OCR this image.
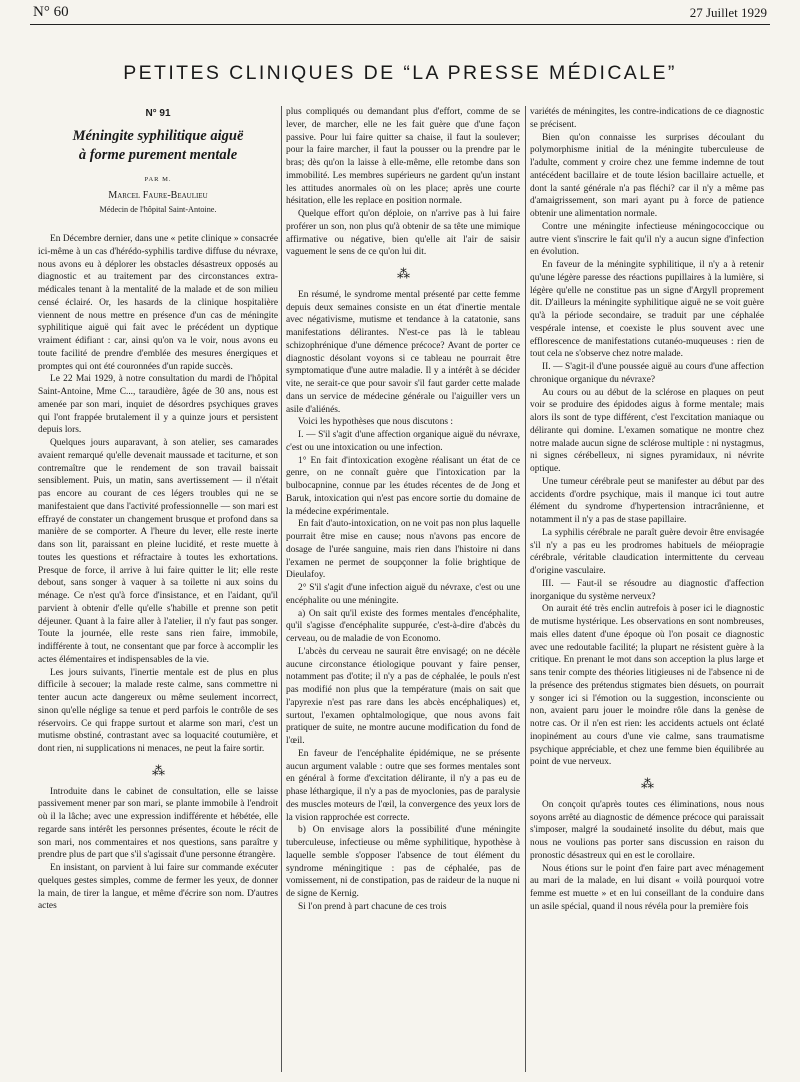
N° 60	27 Juillet 1929
PETITES CLINIQUES DE “LA PRESSE MÉDICALE”
N° 91
Méningite syphilitique aiguë
à forme purement mentale
PAR M.
Marcel Faure-Beaulieu
Médecin de l'hôpital Saint-Antoine.

En Décembre dernier, dans une « petite clinique » consacrée ici-même à un cas d'hérédo-syphilis tardive diffuse du névraxe, nous avons eu à déplorer les obstacles désastreux opposés au diagnostic et au traitement par des circonstances extra-médicales tenant à la mentalité de la malade et de son milieu censé éclairé. Or, les hasards de la clinique hospitalière viennent de nous mettre en présence d'un cas de méningite syphilitique aiguë qui fait avec le précédent un dyptique vraiment édifiant : car, ainsi qu'on va le voir, nous avons eu toute facilité de prendre d'emblée des mesures énergiques et promptes qui ont été couronnées d'un rapide succès.

Le 22 Mai 1929, à notre consultation du mardi de l'hôpital Saint-Antoine, Mme C..., taraudière, âgée de 30 ans, nous est amenée par son mari, inquiet de désordres psychiques graves qui l'ont frappée brutalement il y a quinze jours et persistent depuis lors.

Quelques jours auparavant, à son atelier, ses camarades avaient remarqué qu'elle devenait maussade et taciturne, et son contremaître que le rendement de son travail baissait sensiblement. Puis, un matin, sans avertissement — il n'était pas encore au courant de ces légers troubles qui ne se manifestaient que dans l'activité professionnelle — son mari est effrayé de constater un changement brusque et profond dans sa manière de se comporter. A l'heure du lever, elle reste inerte dans son lit, paraissant en pleine lucidité, et reste muette à toutes les questions et réfractaire à toutes les exhortations. Presque de force, il arrive à lui faire quitter le lit; elle reste debout, sans songer à vaquer à sa toilette ni aux soins du ménage. Ce n'est qu'à force d'insistance, et en l'aidant, qu'il parvient à obtenir d'elle qu'elle s'habille et prenne son petit déjeuner. Quant à la faire aller à l'atelier, il n'y faut pas songer. Toute la journée, elle reste sans rien faire, immobile, indifférente à tout, ne consentant que par force à accomplir les actes élémentaires et indispensables de la vie.

Les jours suivants, l'inertie mentale est de plus en plus difficile à secouer; la malade reste calme, sans commettre ni tenter aucun acte dangereux ou même seulement incorrect, sinon qu'elle néglige sa tenue et perd parfois le contrôle de ses réservoirs. Ce qui frappe surtout et alarme son mari, c'est un mutisme obstiné, contrastant avec sa loquacité coutumière, et dont rien, ni supplications ni menaces, ne peut la faire sortir.

⁂

Introduite dans le cabinet de consultation, elle se laisse passivement mener par son mari, se plante immobile à l'endroit où il la lâche; avec une expression indifférente et hébétée, elle regarde sans intérêt les personnes présentes, écoute le récit de son mari, nos commentaires et nos questions, sans paraître y prendre plus de part que s'il s'agissait d'une personne étrangère.

En insistant, on parvient à lui faire sur commande exécuter quelques gestes simples, comme de fermer les yeux, de donner la main, de tirer la langue, et même d'écrire son nom. D'autres actes

plus compliqués ou demandant plus d'effort, comme de se lever, de marcher, elle ne les fait guère que d'une façon passive. Pour lui faire quitter sa chaise, il faut la soulever; pour la faire marcher, il faut la pousser ou la prendre par le bras; dès qu'on la laisse à elle-même, elle retombe dans son immobilité. Les membres supérieurs ne gardent qu'un instant les attitudes anormales où on les place; après une courte hésitation, elle les replace en position normale.

Quelque effort qu'on déploie, on n'arrive pas à lui faire proférer un son, non plus qu'à obtenir de sa tête une mimique affirmative ou négative, bien qu'elle ait l'air de saisir vaguement le sens de ce qu'on lui dit.

⁂

En résumé, le syndrome mental présenté par cette femme depuis deux semaines consiste en un état d'inertie mentale avec négativisme, mutisme et tendance à la catatonie, sans manifestations délirantes. N'est-ce pas là le tableau schizophrénique d'une démence précoce? Avant de porter ce diagnostic désolant voyons si ce tableau ne pourrait être symptomatique d'une autre maladie. Il y a intérêt à se décider vite, ne serait-ce que pour savoir s'il faut garder cette malade dans un service de médecine générale ou l'aiguiller vers un asile d'aliénés.

Voici les hypothèses que nous discutons :

I. — S'il s'agit d'une affection organique aiguë du névraxe, c'est ou une intoxication ou une infection.

1° En fait d'intoxication exogène réalisant un état de ce genre, on ne connaît guère que l'intoxication par la bulbocapnine, connue par les études récentes de de Jong et Baruk, intoxication qui n'est pas encore sortie du domaine de la médecine expérimentale.

En fait d'auto-intoxication, on ne voit pas non plus laquelle pourrait être mise en cause; nous n'avons pas encore de dosage de l'urée sanguine, mais rien dans l'histoire ni dans l'examen ne permet de soupçonner la folie brightique de Dieulafoy.

2° S'il s'agit d'une infection aiguë du névraxe, c'est ou une encéphalite ou une méningite.

a) On sait qu'il existe des formes mentales d'encéphalite, qu'il s'agisse d'encéphalite suppurée, c'est-à-dire d'abcès du cerveau, ou de maladie de von Economo.

L'abcès du cerveau ne saurait être envisagé; on ne décèle aucune circonstance étiologique pouvant y faire penser, notamment pas d'otite; il n'y a pas de céphalée, le pouls n'est pas modifié non plus que la température (mais on sait que l'apyrexie n'est pas rare dans les abcès encéphaliques) et, surtout, l'examen ophtalmologique, que nous avons fait pratiquer de suite, ne montre aucune modification du fond de l'œil.

En faveur de l'encéphalite épidémique, ne se présente aucun argument valable : outre que ses formes mentales sont en général à forme d'excitation délirante, il n'y a pas eu de phase léthargique, il n'y a pas de myoclonies, pas de paralysie des muscles moteurs de l'œil, la convergence des yeux lors de la vision rapprochée est correcte.

b) On envisage alors la possibilité d'une méningite tuberculeuse, infectieuse ou même syphilitique, hypothèse à laquelle semble s'opposer l'absence de tout élément du syndrome méningitique : pas de céphalée, pas de vomissement, ni de constipation, pas de raideur de la nuque ni de signe de Kernig.

Si l'on prend à part chacune de ces trois

variétés de méningites, les contre-indications de ce diagnostic se précisent.

Bien qu'on connaisse les surprises découlant du polymorphisme initial de la méningite tuberculeuse de l'adulte, comment y croire chez une femme indemne de tout antécédent bacillaire et de toute lésion bacillaire actuelle, et dont la santé générale n'a pas fléchi? car il n'y a même pas d'amaigrissement, son mari ayant pu à force de patience obtenir une alimentation normale.

Contre une méningite infectieuse méningococcique ou autre vient s'inscrire le fait qu'il n'y a aucun signe d'infection en évolution.

En faveur de la méningite syphilitique, il n'y a à retenir qu'une légère paresse des réactions pupillaires à la lumière, si légère qu'elle ne constitue pas un signe d'Argyll proprement dit. D'ailleurs la méningite syphilitique aiguë ne se voit guère qu'à la période secondaire, se traduit par une céphalée vespérale intense, et coexiste le plus souvent avec une efflorescence de manifestations cutanéo-muqueuses : rien de tout cela ne s'observe chez notre malade.

II. — S'agit-il d'une poussée aiguë au cours d'une affection chronique organique du névraxe?

Au cours ou au début de la sclérose en plaques on peut voir se produire des épidodes aigus à forme mentale; mais alors ils sont de type différent, c'est l'excitation maniaque ou délirante qui domine. L'examen somatique ne montre chez notre malade aucun signe de sclérose multiple : ni nystagmus, ni signes cérébelleux, ni signes pyramidaux, ni névrite optique.

Une tumeur cérébrale peut se manifester au début par des accidents d'ordre psychique, mais il manque ici tout autre élément du syndrome d'hypertension intracrânienne, et notamment il n'y a pas de stase papillaire.

La syphilis cérébrale ne paraît guère devoir être envisagée s'il n'y a pas eu les prodromes habituels de méiopragie cérébrale, véritable claudication intermittente du cerveau d'origine vasculaire.

III. — Faut-il se résoudre au diagnostic d'affection inorganique du système nerveux?

On aurait été très enclin autrefois à poser ici le diagnostic de mutisme hystérique. Les observations en sont nombreuses, mais elles datent d'une époque où l'on posait ce diagnostic avec une redoutable facilité; la plupart ne résistent guère à la critique. En prenant le mot dans son acception la plus large et sans tenir compte des théories litigieuses ni de l'absence ni de la présence des prétendus stigmates bien désuets, on pourrait y songer ici si l'émotion ou la suggestion, inconsciente ou non, avaient paru jouer le moindre rôle dans la genèse de notre cas. Or il n'en est rien: les accidents actuels ont éclaté inopinément au cours d'une vie calme, sans traumatisme psychique appréciable, et chez une femme bien équilibrée au point de vue nerveux.

⁂

On conçoit qu'après toutes ces éliminations, nous nous soyons arrêté au diagnostic de démence précoce qui paraissait s'imposer, malgré la soudaineté insolite du début, mais que nous ne voulions pas porter sans discussion en raison du pronostic désastreux qui en est le corollaire.

Nous étions sur le point d'en faire part avec ménagement au mari de la malade, en lui disant « voilà pourquoi votre femme est muette » et en lui conseillant de la conduire dans un asile spécial, quand il nous révéla pour la première fois
